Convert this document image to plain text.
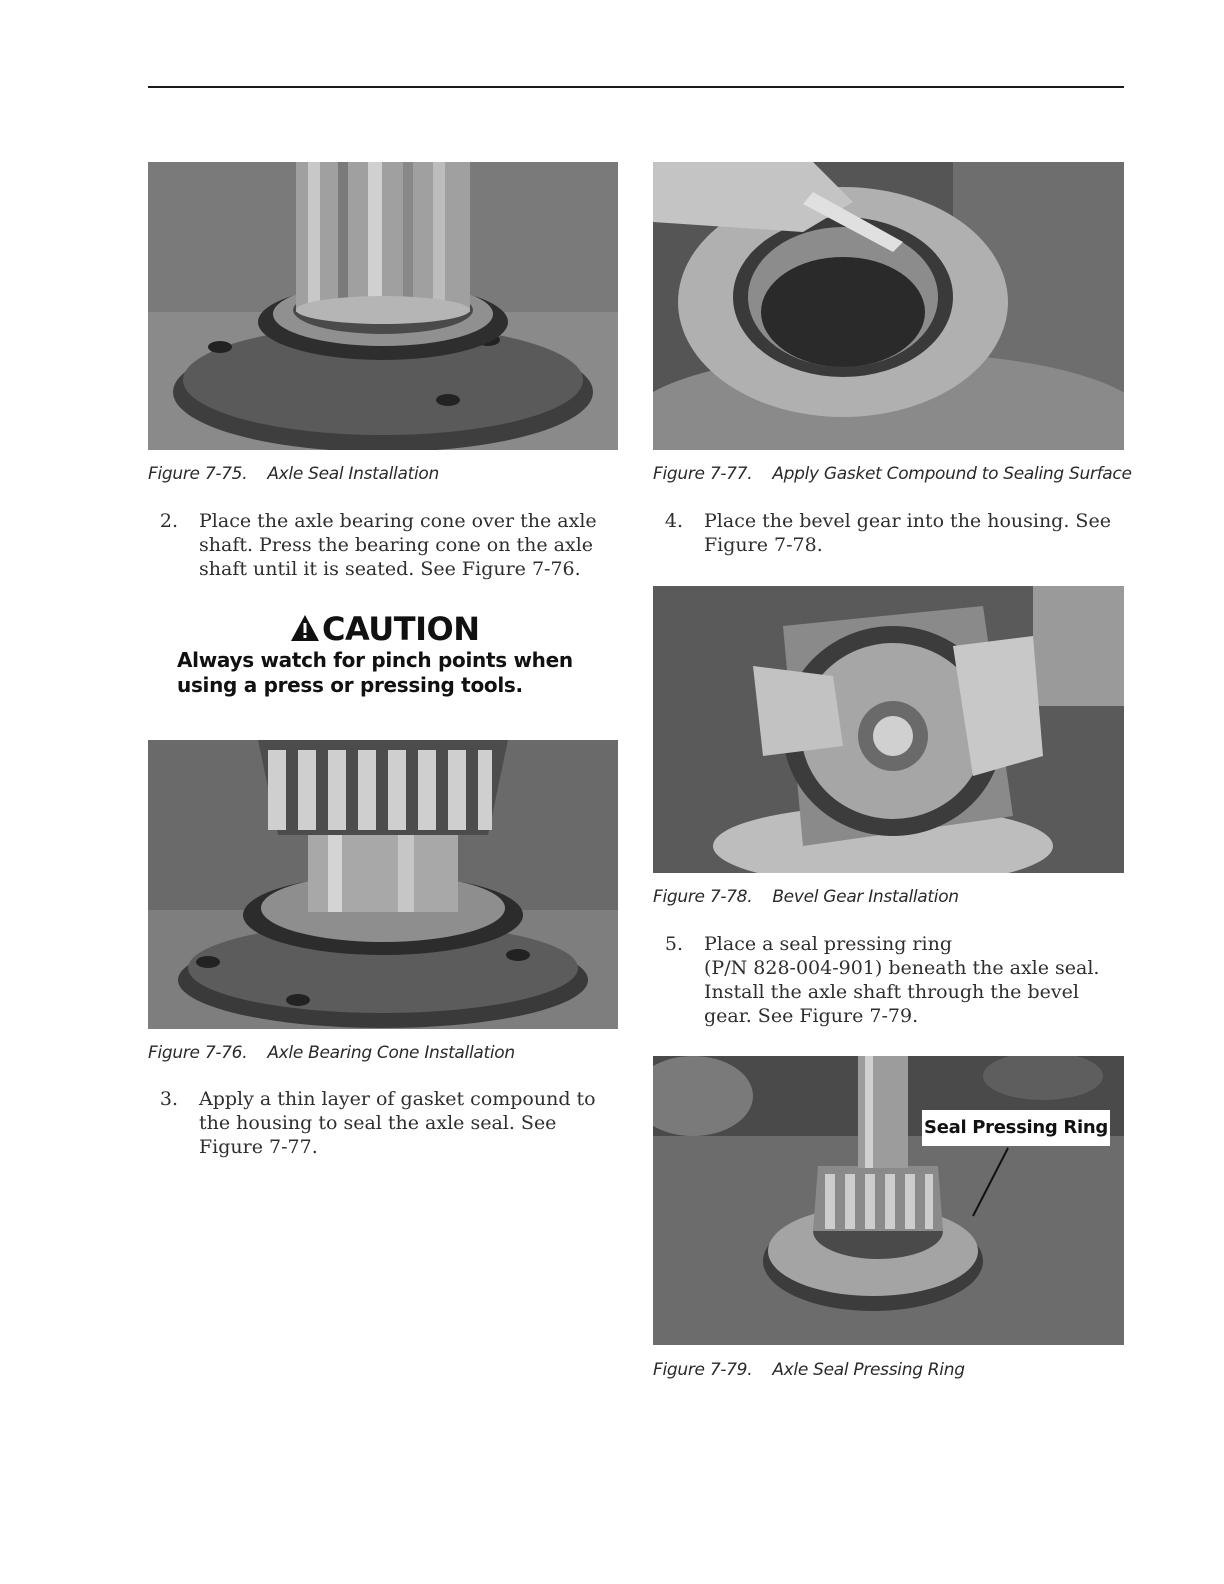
Figure 7-75. Axle Seal Installation
2. Place the axle bearing cone over the axle
shaft. Press the bearing cone on the axle
shaft until it is seated. See Figure 7-76.
CAUTION
Always watch for pinch points when
using a press or pressing tools.
Figure 7-76. Axle Bearing Cone Installation
3. Apply a thin layer of gasket compound to
the housing to seal the axle seal. See
Figure 7-77.
Figure 7-77. Apply Gasket Compound to Sealing Surface
4. Place the bevel gear into the housing. See
Figure 7-78.
Figure 7-78. Bevel Gear Installation
5. Place a seal pressing ring
(P/N 828-004-901) beneath the axle seal.
Install the axle shaft through the bevel
gear. See Figure 7-79.
Seal Pressing Ring
Figure 7-79. Axle Seal Pressing Ring
